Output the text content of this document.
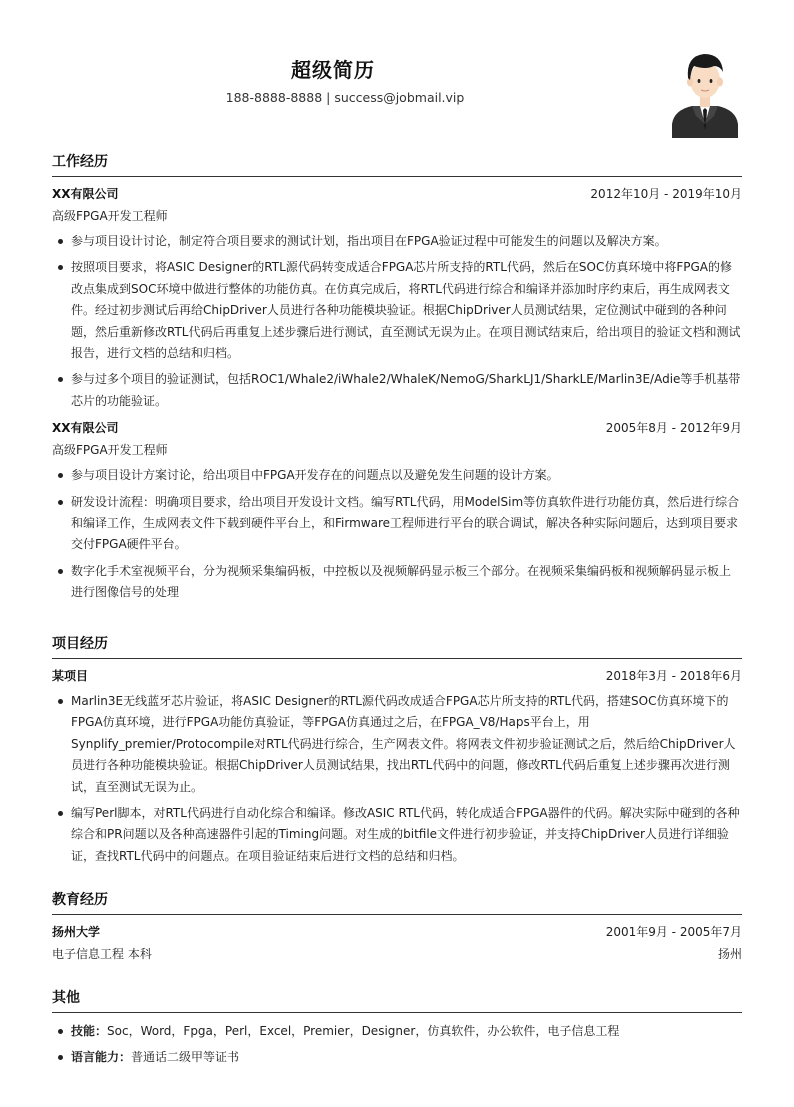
超级简历
188-8888-8888 | success@jobmail.vip
工作经历
XX有限公司	2012年10月 - 2019年10月
高级FPGA开发工程师
参与项目设计讨论，制定符合项目要求的测试计划，指出项目在FPGA验证过程中可能发生的问题以及解决方案。
按照项目要求，将ASIC Designer的RTL源代码转变成适合FPGA芯片所支持的RTL代码，然后在SOC仿真环境中将FPGA的修改点集成到SOC环境中做进行整体的功能仿真。在仿真完成后，将RTL代码进行综合和编译并添加时序约束后，再生成网表文件。经过初步测试后再给ChipDriver人员进行各种功能模块验证。根据ChipDriver人员测试结果，定位测试中碰到的各种问题，然后重新修改RTL代码后再重复上述步骤后进行测试，直至测试无误为止。在项目测试结束后，给出项目的验证文档和测试报告，进行文档的总结和归档。
参与过多个项目的验证测试，包括ROC1/Whale2/iWhale2/WhaleK/NemoG/SharkLJ1/SharkLE/Marlin3E/Adie等手机基带芯片的功能验证。
XX有限公司	2005年8月 - 2012年9月
高级FPGA开发工程师
参与项目设计方案讨论，给出项目中FPGA开发存在的问题点以及避免发生问题的设计方案。
研发设计流程：明确项目要求，给出项目开发设计文档。编写RTL代码，用ModelSim等仿真软件进行功能仿真，然后进行综合和编译工作，生成网表文件下载到硬件平台上，和Firmware工程师进行平台的联合调试，解决各种实际问题后，达到项目要求交付FPGA硬件平台。
数字化手术室视频平台，分为视频采集编码板，中控板以及视频解码显示板三个部分。在视频采集编码板和视频解码显示板上进行图像信号的处理
项目经历
某项目	2018年3月 - 2018年6月
Marlin3E无线蓝牙芯片验证，将ASIC Designer的RTL源代码改成适合FPGA芯片所支持的RTL代码，搭建SOC仿真环境下的FPGA仿真环境，进行FPGA功能仿真验证，等FPGA仿真通过之后，在FPGA_V8/Haps平台上，用Synplify_premier/Protocompile对RTL代码进行综合，生产网表文件。将网表文件初步验证测试之后，然后给ChipDriver人员进行各种功能模块验证。根据ChipDriver人员测试结果，找出RTL代码中的问题，修改RTL代码后重复上述步骤再次进行测试，直至测试无误为止。
编写Perl脚本，对RTL代码进行自动化综合和编译。修改ASIC RTL代码，转化成适合FPGA器件的代码。解决实际中碰到的各种综合和PR问题以及各种高速器件引起的Timing问题。对生成的bitfile文件进行初步验证，并支持ChipDriver人员进行详细验证，查找RTL代码中的问题点。在项目验证结束后进行文档的总结和归档。
教育经历
扬州大学	2001年9月 - 2005年7月
电子信息工程 本科	扬州
其他
技能：Soc，Word，Fpga，Perl，Excel，Premier，Designer，仿真软件，办公软件，电子信息工程
语言能力：普通话二级甲等证书
